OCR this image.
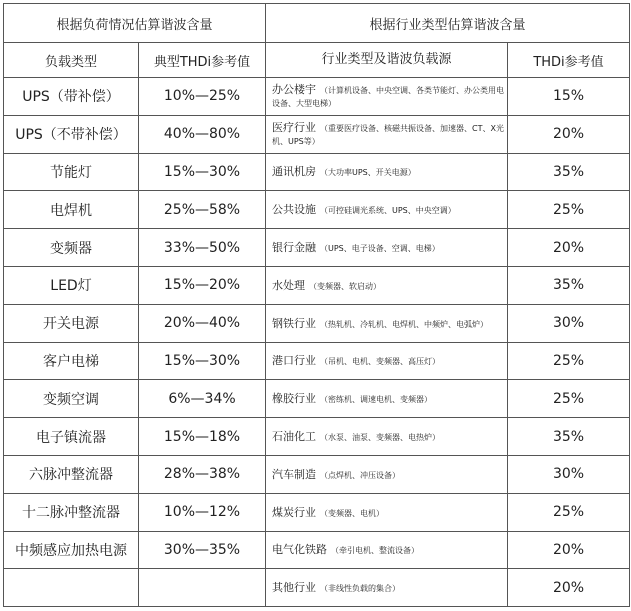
根据负荷情况估算谐波含量		根据行业类型估算谐波含量	
负载类型	典型THDi参考值	行业类型及谐波负载源	THDi参考值
UPS（带补偿）	10%—25%	办公楼宇 （计算机设备、中央空调、各类节能灯、办公类用电设备、大型电梯）	15%
UPS（不带补偿）	40%—80%	医疗行业 （重要医疗设备、核磁共振设备、加速器、CT、X光机、UPS等）	20%
节能灯	15%—30%	通讯机房 （大功率UPS、开关电源）	35%
电焊机	25%—58%	公共设施 （可控硅调光系统、UPS、中央空调）	25%
变频器	33%—50%	银行金融 （UPS、电子设备、空调、电梯）	20%
LED灯	15%—20%	水处理 （变频器、软启动）	35%
开关电源	20%—40%	钢铁行业 （热轧机、冷轧机、电焊机、中频炉、电弧炉）	30%
客户电梯	15%—30%	港口行业 （吊机、电机、变频器、高压灯）	25%
变频空调	6%—34%	橡胶行业 （密练机、调速电机、变频器）	25%
电子镇流器	15%—18%	石油化工 （水泵、油泵、变频器、电热炉）	35%
六脉冲整流器	28%—38%	汽车制造 （点焊机、冲压设备）	30%
十二脉冲整流器	10%—12%	煤炭行业 （变频器、电机）	25%
中频感应加热电源	30%—35%	电气化铁路 （牵引电机、整流设备）	20%
		其他行业 （非线性负载的集合）	20%
